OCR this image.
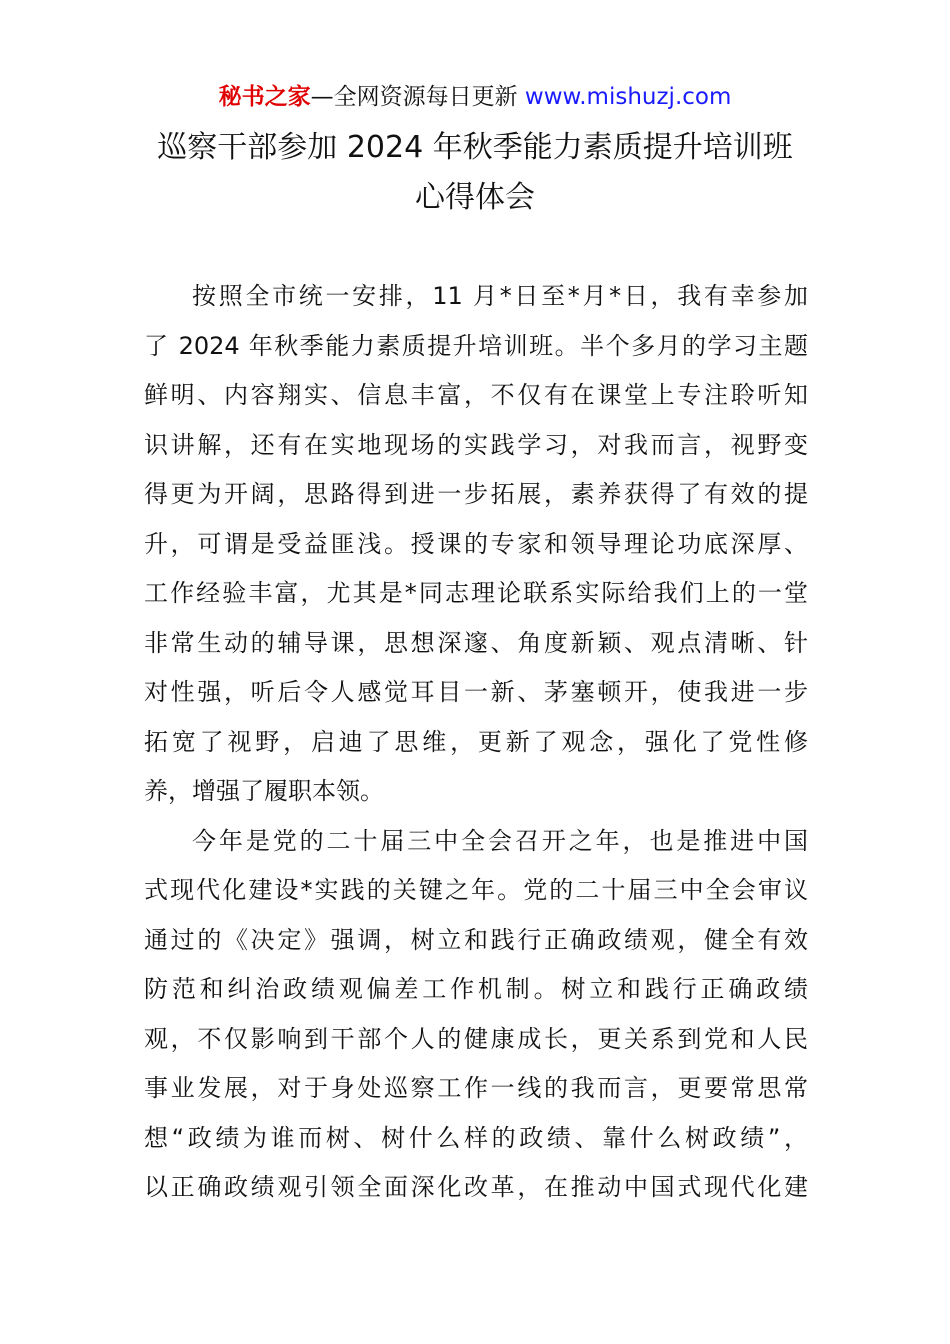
秘书之家—全网资源每日更新 www.mishuzj.com
巡察干部参加 2024 年秋季能力素质提升培训班
心得体会
按照全市统一安排，11 月*日至*月*日，我有幸参加
了 2024 年秋季能力素质提升培训班。半个多月的学习主题
鲜明、内容翔实、信息丰富，不仅有在课堂上专注聆听知
识讲解，还有在实地现场的实践学习，对我而言，视野变
得更为开阔，思路得到进一步拓展，素养获得了有效的提
升，可谓是受益匪浅。授课的专家和领导理论功底深厚、
工作经验丰富，尤其是*同志理论联系实际给我们上的一堂
非常生动的辅导课，思想深邃、角度新颖、观点清晰、针
对性强，听后令人感觉耳目一新、茅塞顿开，使我进一步
拓宽了视野，启迪了思维，更新了观念，强化了党性修
养，增强了履职本领。
今年是党的二十届三中全会召开之年，也是推进中国
式现代化建设*实践的关键之年。党的二十届三中全会审议
通过的《决定》强调，树立和践行正确政绩观，健全有效
防范和纠治政绩观偏差工作机制。树立和践行正确政绩
观，不仅影响到干部个人的健康成长，更关系到党和人民
事业发展，对于身处巡察工作一线的我而言，更要常思常
想“政绩为谁而树、树什么样的政绩、靠什么树政绩”，
以正确政绩观引领全面深化改革，在推动中国式现代化建
